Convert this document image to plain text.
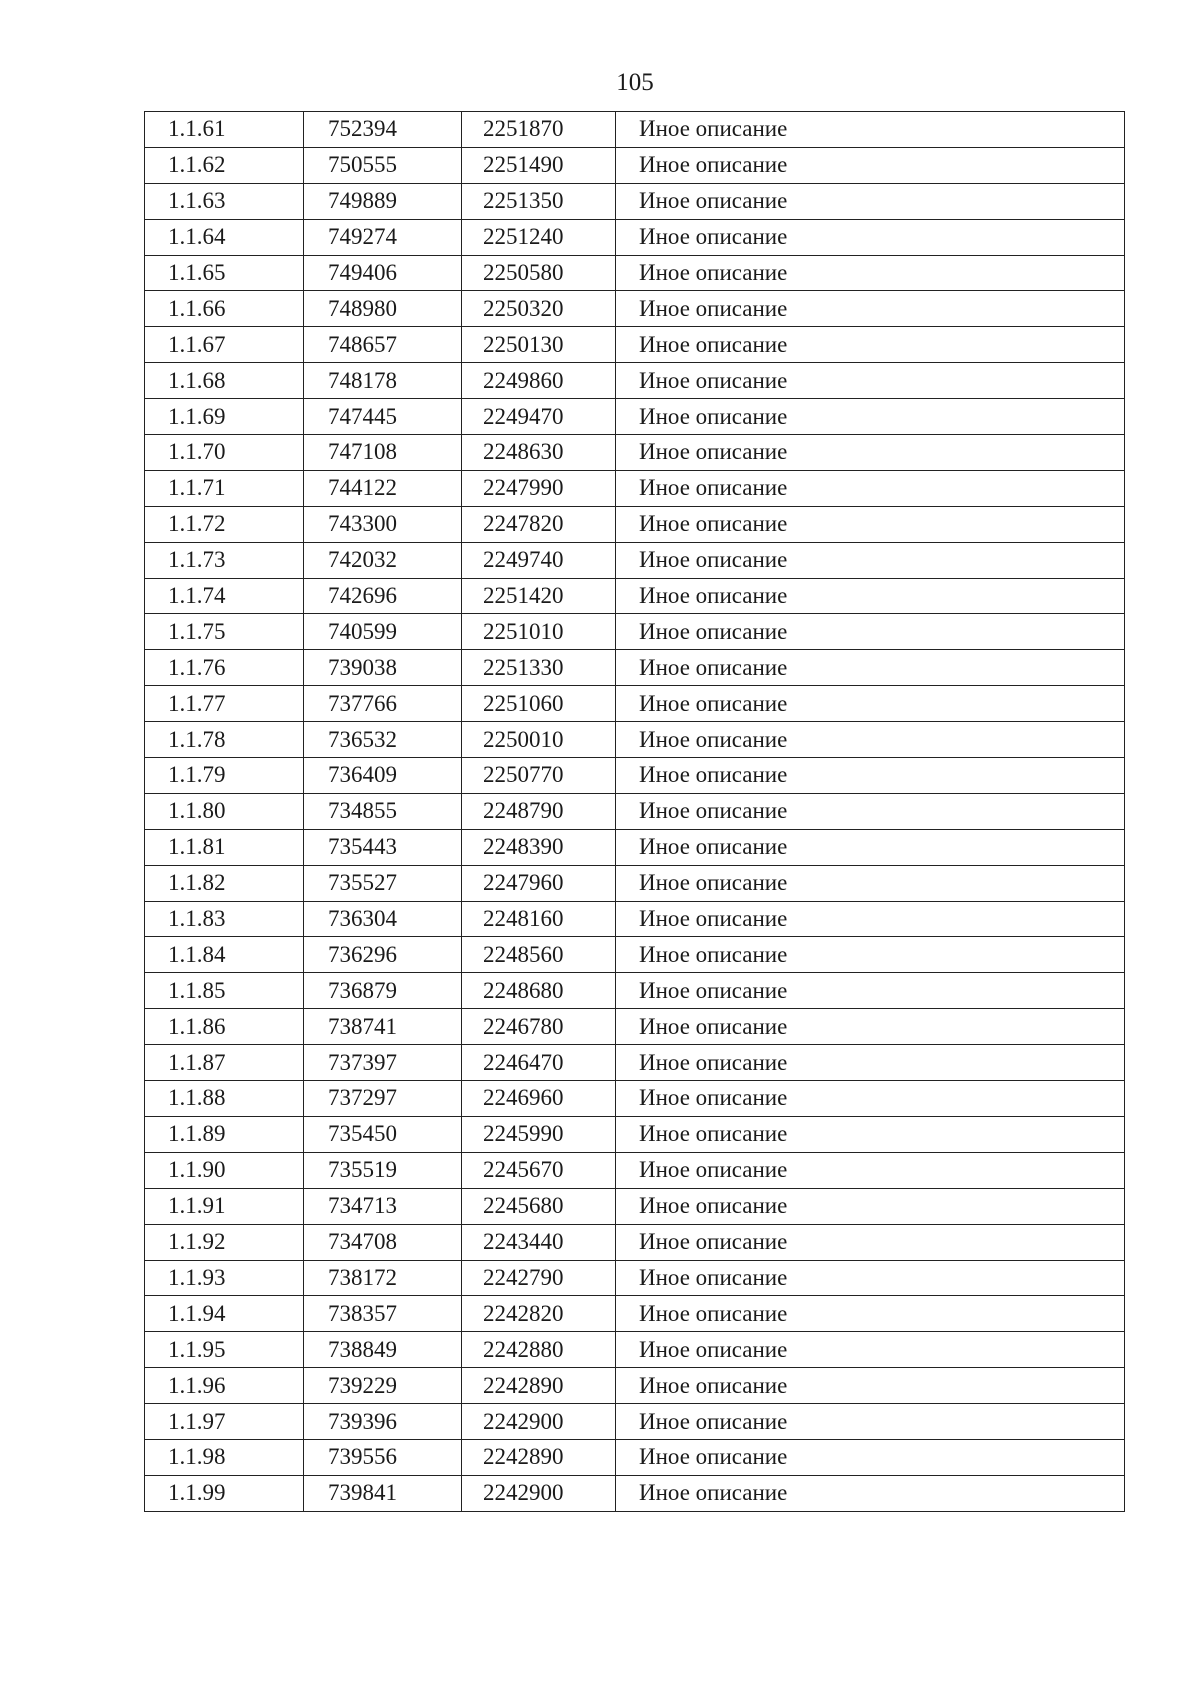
105
1.1.61	752394	2251870	Иное описание
1.1.62	750555	2251490	Иное описание
1.1.63	749889	2251350	Иное описание
1.1.64	749274	2251240	Иное описание
1.1.65	749406	2250580	Иное описание
1.1.66	748980	2250320	Иное описание
1.1.67	748657	2250130	Иное описание
1.1.68	748178	2249860	Иное описание
1.1.69	747445	2249470	Иное описание
1.1.70	747108	2248630	Иное описание
1.1.71	744122	2247990	Иное описание
1.1.72	743300	2247820	Иное описание
1.1.73	742032	2249740	Иное описание
1.1.74	742696	2251420	Иное описание
1.1.75	740599	2251010	Иное описание
1.1.76	739038	2251330	Иное описание
1.1.77	737766	2251060	Иное описание
1.1.78	736532	2250010	Иное описание
1.1.79	736409	2250770	Иное описание
1.1.80	734855	2248790	Иное описание
1.1.81	735443	2248390	Иное описание
1.1.82	735527	2247960	Иное описание
1.1.83	736304	2248160	Иное описание
1.1.84	736296	2248560	Иное описание
1.1.85	736879	2248680	Иное описание
1.1.86	738741	2246780	Иное описание
1.1.87	737397	2246470	Иное описание
1.1.88	737297	2246960	Иное описание
1.1.89	735450	2245990	Иное описание
1.1.90	735519	2245670	Иное описание
1.1.91	734713	2245680	Иное описание
1.1.92	734708	2243440	Иное описание
1.1.93	738172	2242790	Иное описание
1.1.94	738357	2242820	Иное описание
1.1.95	738849	2242880	Иное описание
1.1.96	739229	2242890	Иное описание
1.1.97	739396	2242900	Иное описание
1.1.98	739556	2242890	Иное описание
1.1.99	739841	2242900	Иное описание
